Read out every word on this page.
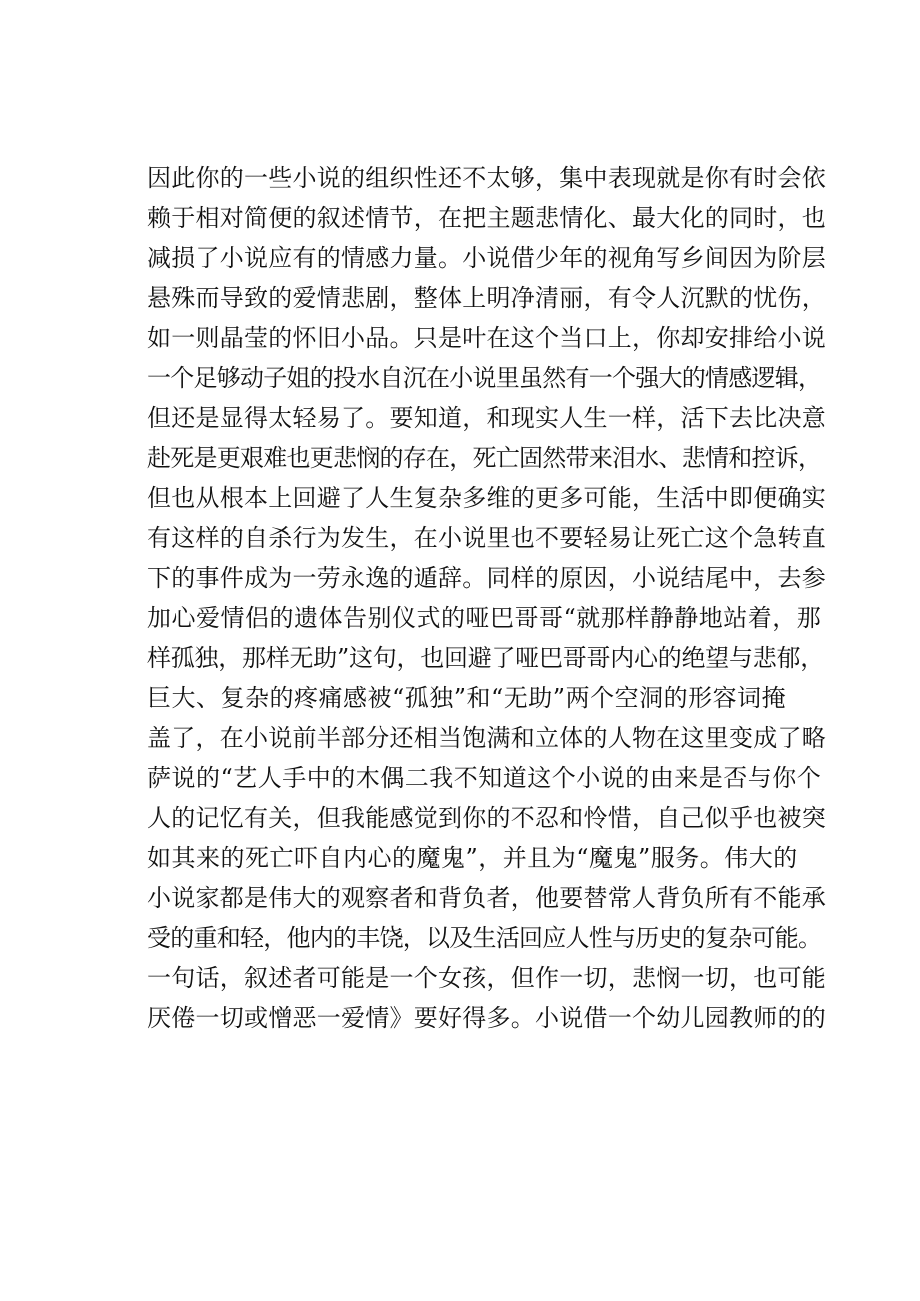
因此你的一些小说的组织性还不太够，集中表现就是你有时会依
赖于相对简便的叙述情节，在把主题悲情化、最大化的同时，也
减损了小说应有的情感力量。小说借少年的视角写乡间因为阶层
悬殊而导致的爱情悲剧，整体上明净清丽，有令人沉默的忧伤，
如一则晶莹的怀旧小品。只是叶在这个当口上，你却安排给小说
一个足够动子姐的投水自沉在小说里虽然有一个强大的情感逻辑，
但还是显得太轻易了。要知道，和现实人生一样，活下去比决意
赴死是更艰难也更悲悯的存在，死亡固然带来泪水、悲情和控诉，
但也从根本上回避了人生复杂多维的更多可能，生活中即便确实
有这样的自杀行为发生，在小说里也不要轻易让死亡这个急转直
下的事件成为一劳永逸的遁辞。同样的原因，小说结尾中，去参
加心爱情侣的遗体告别仪式的哑巴哥哥“就那样静静地站着，那
样孤独，那样无助”这句，也回避了哑巴哥哥内心的绝望与悲郁，
巨大、复杂的疼痛感被“孤独”和“无助”两个空洞的形容词掩
盖了，在小说前半部分还相当饱满和立体的人物在这里变成了略
萨说的“艺人手中的木偶二我不知道这个小说的由来是否与你个
人的记忆有关，但我能感觉到你的不忍和怜惜，自己似乎也被突
如其来的死亡吓自内心的魔鬼”，并且为“魔鬼”服务。伟大的
小说家都是伟大的观察者和背负者，他要替常人背负所有不能承
受的重和轻，他内的丰饶，以及生活回应人性与历史的复杂可能。
一句话，叙述者可能是一个女孩，但作一切，悲悯一切，也可能
厌倦一切或憎恶一爱情》要好得多。小说借一个幼儿园教师的的
